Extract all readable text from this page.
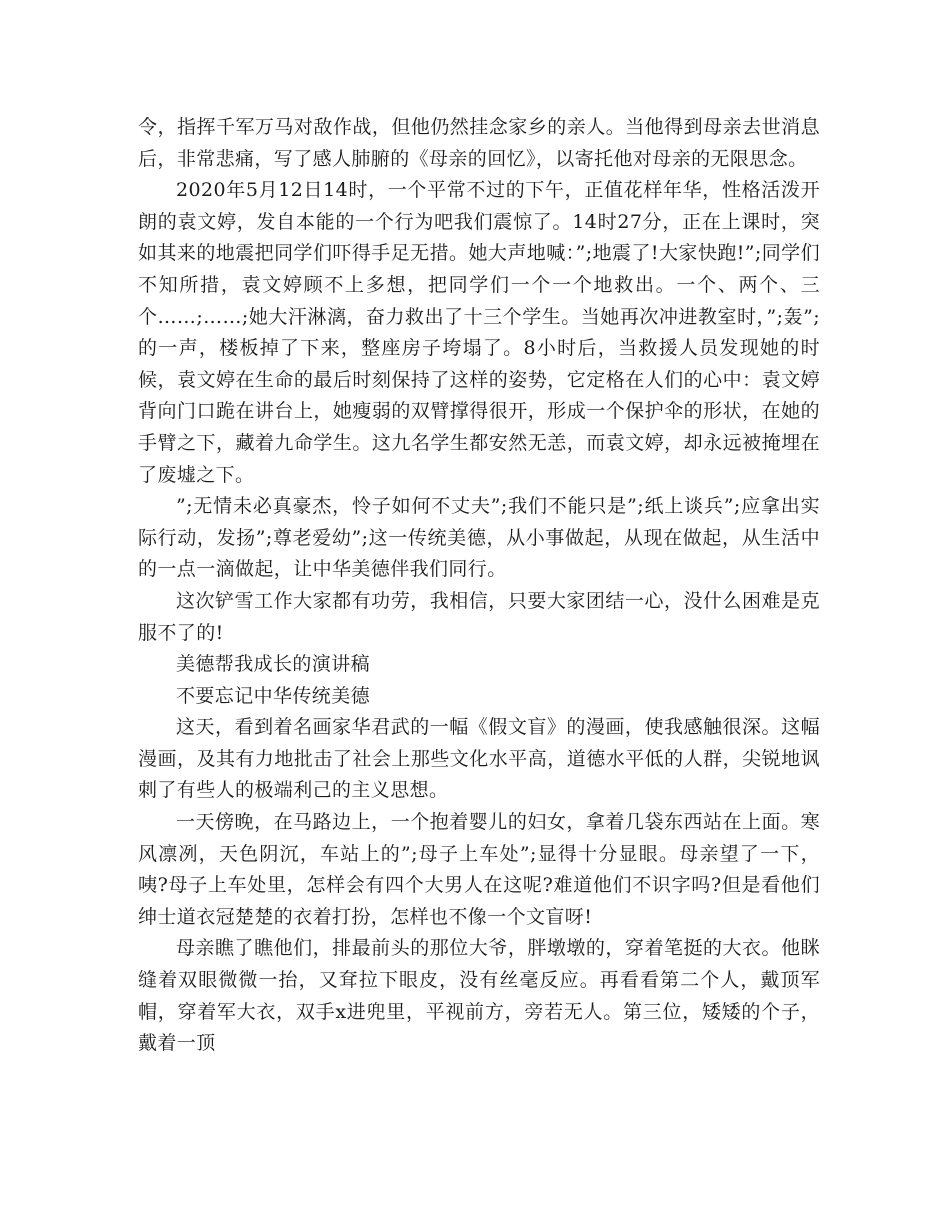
令，指挥千军万马对敌作战，但他仍然挂念家乡的亲人。当他得到母亲去世消息后，非常悲痛，写了感人肺腑的《母亲的回忆》，以寄托他对母亲的无限思念。

2020年5月12日14时，一个平常不过的下午，正值花样年华，性格活泼开朗的袁文婷，发自本能的一个行为吧我们震惊了。14时27分，正在上课时，突如其来的地震把同学们吓得手足无措。她大声地喊：”;地震了!大家快跑!”;同学们不知所措，袁文婷顾不上多想，把同学们一个一个地救出。一个、两个、三个……;……;她大汗淋漓，奋力救出了十三个学生。当她再次冲进教室时，”;轰”;的一声，楼板掉了下来，整座房子垮塌了。8小时后，当救援人员发现她的时候，袁文婷在生命的最后时刻保持了这样的姿势，它定格在人们的心中：袁文婷背向门口跪在讲台上，她瘦弱的双臂撑得很开，形成一个保护伞的形状，在她的手臂之下，藏着九命学生。这九名学生都安然无恙，而袁文婷，却永远被掩埋在了废墟之下。

”;无情未必真豪杰，怜子如何不丈夫”;我们不能只是”;纸上谈兵”;应拿出实际行动，发扬”;尊老爱幼”;这一传统美德，从小事做起，从现在做起，从生活中的一点一滴做起，让中华美德伴我们同行。

这次铲雪工作大家都有功劳，我相信，只要大家团结一心，没什么困难是克服不了的!

美德帮我成长的演讲稿

不要忘记中华传统美德

这天，看到着名画家华君武的一幅《假文盲》的漫画，使我感触很深。这幅漫画，及其有力地批击了社会上那些文化水平高，道德水平低的人群，尖锐地讽刺了有些人的极端利己的主义思想。

一天傍晚，在马路边上，一个抱着婴儿的妇女，拿着几袋东西站在上面。寒风凛冽，天色阴沉，车站上的”;母子上车处”;显得十分显眼。母亲望了一下，咦?母子上车处里，怎样会有四个大男人在这呢?难道他们不识字吗?但是看他们绅士道衣冠楚楚的衣着打扮，怎样也不像一个文盲呀!

母亲瞧了瞧他们，排最前头的那位大爷，胖墩墩的，穿着笔挺的大衣。他眯缝着双眼微微一抬，又耷拉下眼皮，没有丝毫反应。再看看第二个人，戴顶军帽，穿着军大衣，双手x进兜里，平视前方，旁若无人。第三位，矮矮的个子，戴着一顶
